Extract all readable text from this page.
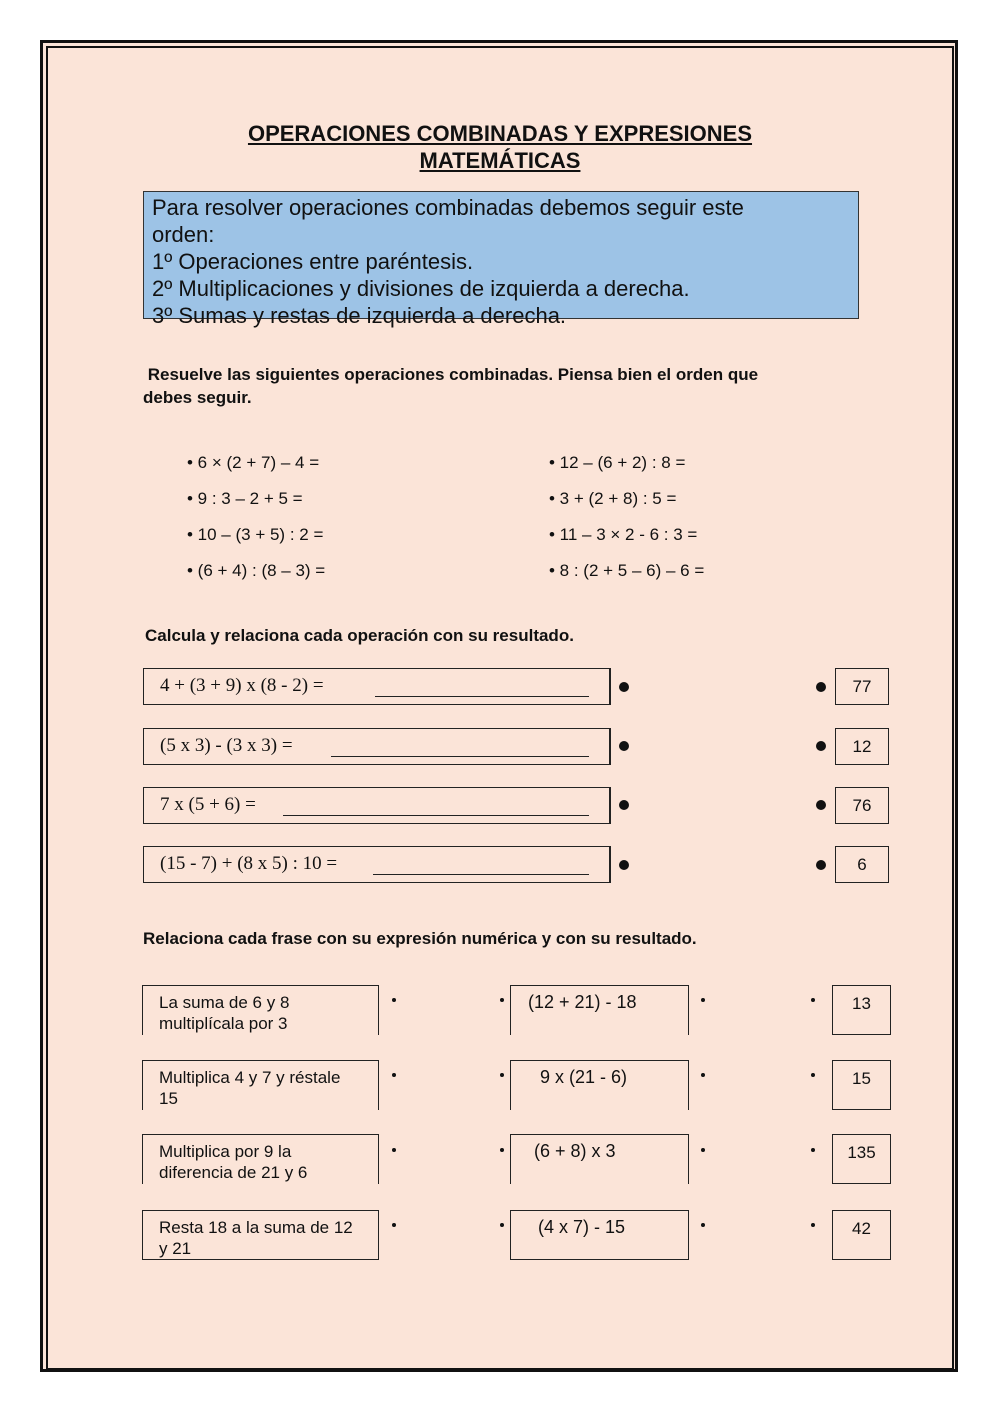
OPERACIONES COMBINADAS Y EXPRESIONES
MATEMÁTICAS
Para resolver operaciones combinadas debemos seguir este
orden:
1º Operaciones entre paréntesis.
2º Multiplicaciones y divisiones de izquierda a derecha.
3º Sumas y restas de izquierda a derecha.
Resuelve las siguientes operaciones combinadas. Piensa bien el orden que
debes seguir.
• 6 × (2 + 7) – 4 =
• 9 : 3 – 2 + 5 =
• 10 – (3 + 5) : 2 =
• (6 + 4) : (8 – 3) =
• 12 – (6 + 2) : 8 =
• 3 + (2 + 8) : 5 =
• 11 – 3 × 2 - 6 : 3 =
• 8 : (2 + 5 – 6) – 6 =
Calcula y relaciona cada operación con su resultado.
4 + (3 + 9) x (8 - 2) =
(5 x 3) - (3 x 3) =
7 x (5 + 6) =
(15 - 7) + (8 x 5) : 10 =
77
12
76
6
Relaciona cada frase con su expresión numérica y con su resultado.
La suma de 6 y 8
multiplícala por 3
Multiplica 4 y 7 y réstale
15
Multiplica por 9 la
diferencia de 21 y 6
Resta 18 a la suma de 12
y 21
(12 + 21) - 18
9 x (21 - 6)
(6 + 8) x 3
(4 x 7) - 15
13
15
135
42
